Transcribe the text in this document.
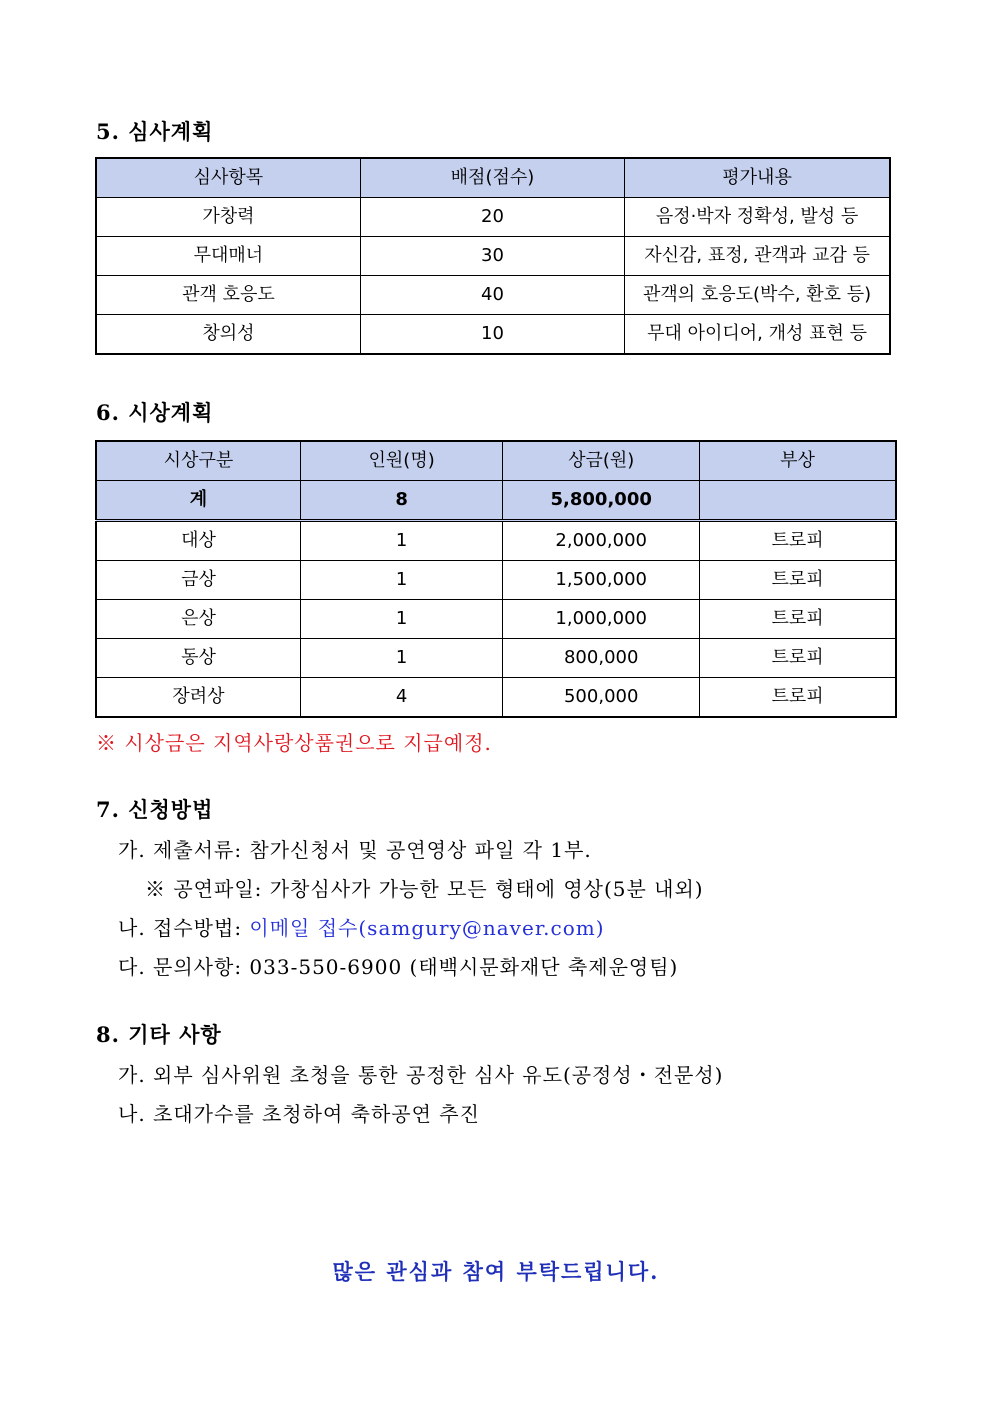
5. 심사계획
심사항목	배점(점수)	평가내용
가창력	20	음정·박자 정확성, 발성 등
무대매너	30	자신감, 표정, 관객과 교감 등
관객 호응도	40	관객의 호응도(박수, 환호 등)
창의성	10	무대 아이디어, 개성 표현 등
6. 시상계획
시상구분	인원(명)	상금(원)	부상
계	8	5,800,000	
대상	1	2,000,000	트로피
금상	1	1,500,000	트로피
은상	1	1,000,000	트로피
동상	1	800,000	트로피
장려상	4	500,000	트로피
※ 시상금은 지역사랑상품권으로 지급예정.
7. 신청방법
가. 제출서류: 참가신청서 및 공연영상 파일 각 1부.
※ 공연파일: 가창심사가 가능한 모든 형태에 영상(5분 내외)
나. 접수방법: 이메일 접수(samgury@naver.com)
다. 문의사항: 033-550-6900 (태백시문화재단 축제운영팀)
8. 기타 사항
가. 외부 심사위원 초청을 통한 공정한 심사 유도(공정성・전문성)
나. 초대가수를 초청하여 축하공연 추진
많은 관심과 참여 부탁드립니다.
